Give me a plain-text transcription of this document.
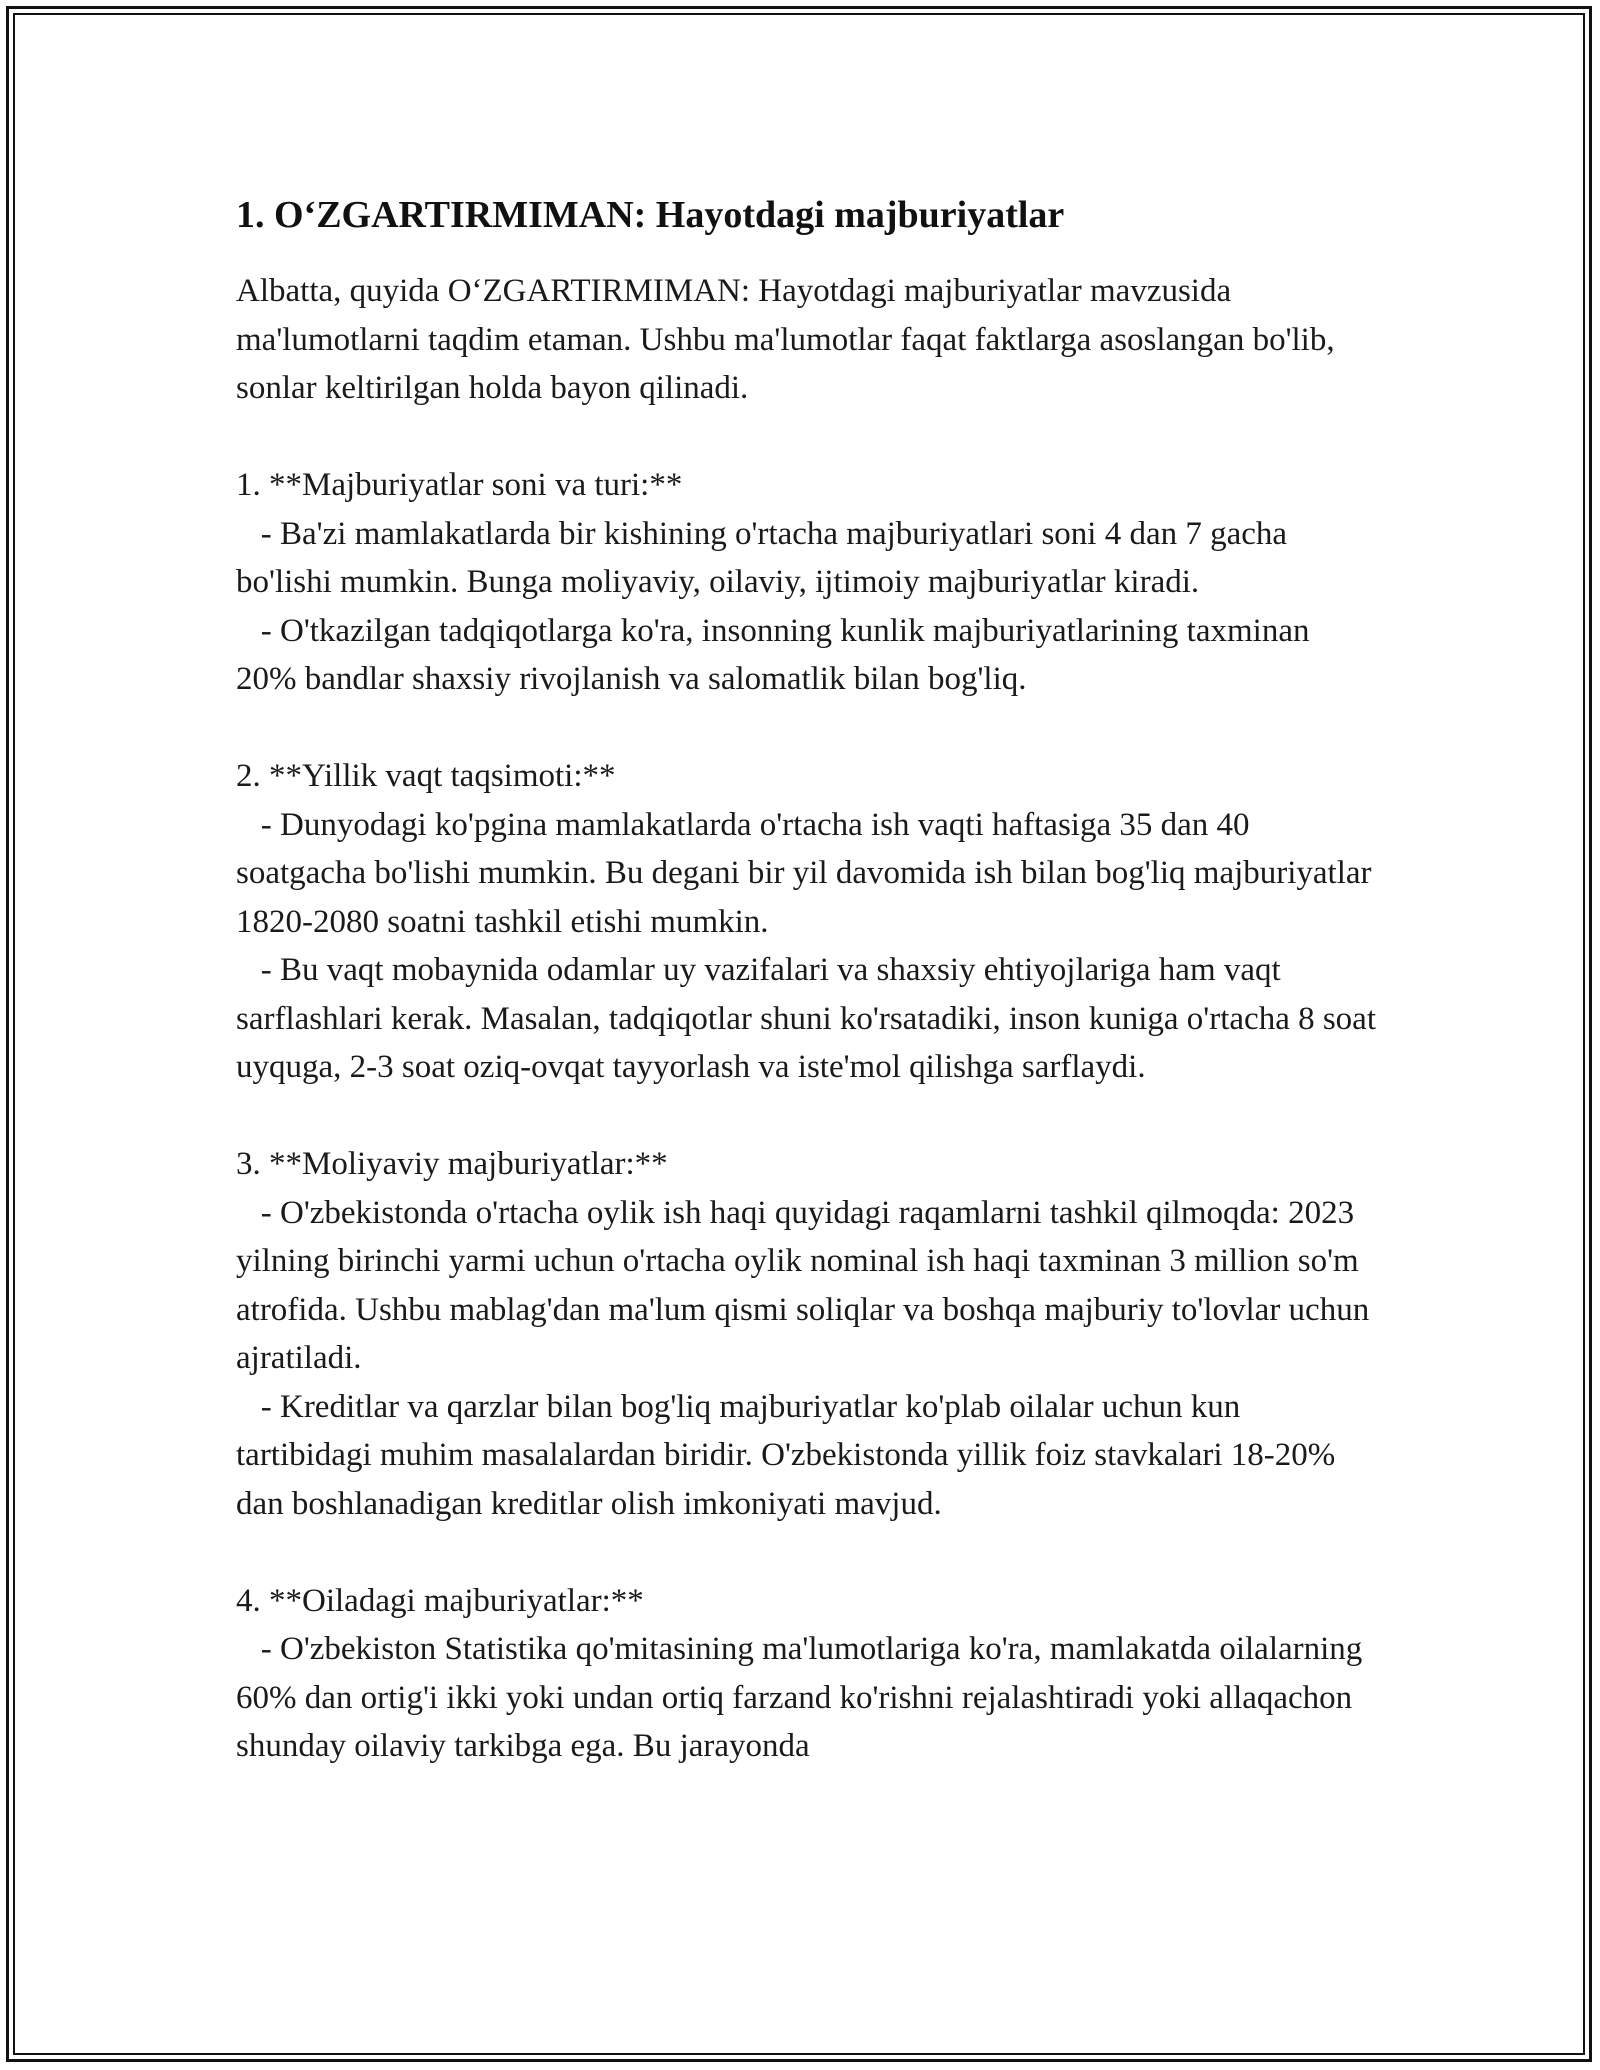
1. O‘ZGARTIRMIMAN: Hayotdagi majburiyatlar

Albatta, quyida O‘ZGARTIRMIMAN: Hayotdagi majburiyatlar mavzusida ma'lumotlarni taqdim etaman. Ushbu ma'lumotlar faqat faktlarga asoslangan bo'lib, sonlar keltirilgan holda bayon qilinadi.

1. **Majburiyatlar soni va turi:**

- Ba'zi mamlakatlarda bir kishining o'rtacha majburiyatlari soni 4 dan 7 gacha bo'lishi mumkin. Bunga moliyaviy, oilaviy, ijtimoiy majburiyatlar kiradi.

- O'tkazilgan tadqiqotlarga ko'ra, insonning kunlik majburiyatlarining taxminan 20% bandlar shaxsiy rivojlanish va salomatlik bilan bog'liq.

2. **Yillik vaqt taqsimoti:**

- Dunyodagi ko'pgina mamlakatlarda o'rtacha ish vaqti haftasiga 35 dan 40 soatgacha bo'lishi mumkin. Bu degani bir yil davomida ish bilan bog'liq majburiyatlar 1820-2080 soatni tashkil etishi mumkin.

- Bu vaqt mobaynida odamlar uy vazifalari va shaxsiy ehtiyojlariga ham vaqt sarflashlari kerak. Masalan, tadqiqotlar shuni ko'rsatadiki, inson kuniga o'rtacha 8 soat uyquga, 2-3 soat oziq-ovqat tayyorlash va iste'mol qilishga sarflaydi.

3. **Moliyaviy majburiyatlar:**

- O'zbekistonda o'rtacha oylik ish haqi quyidagi raqamlarni tashkil qilmoqda: 2023 yilning birinchi yarmi uchun o'rtacha oylik nominal ish haqi taxminan 3 million so'm atrofida. Ushbu mablag'dan ma'lum qismi soliqlar va boshqa majburiy to'lovlar uchun ajratiladi.

- Kreditlar va qarzlar bilan bog'liq majburiyatlar ko'plab oilalar uchun kun tartibidagi muhim masalalardan biridir. O'zbekistonda yillik foiz stavkalari 18-20% dan boshlanadigan kreditlar olish imkoniyati mavjud.

4. **Oiladagi majburiyatlar:**

- O'zbekiston Statistika qo'mitasining ma'lumotlariga ko'ra, mamlakatda oilalarning 60% dan ortig'i ikki yoki undan ortiq farzand ko'rishni rejalashtiradi yoki allaqachon shunday oilaviy tarkibga ega. Bu jarayonda
